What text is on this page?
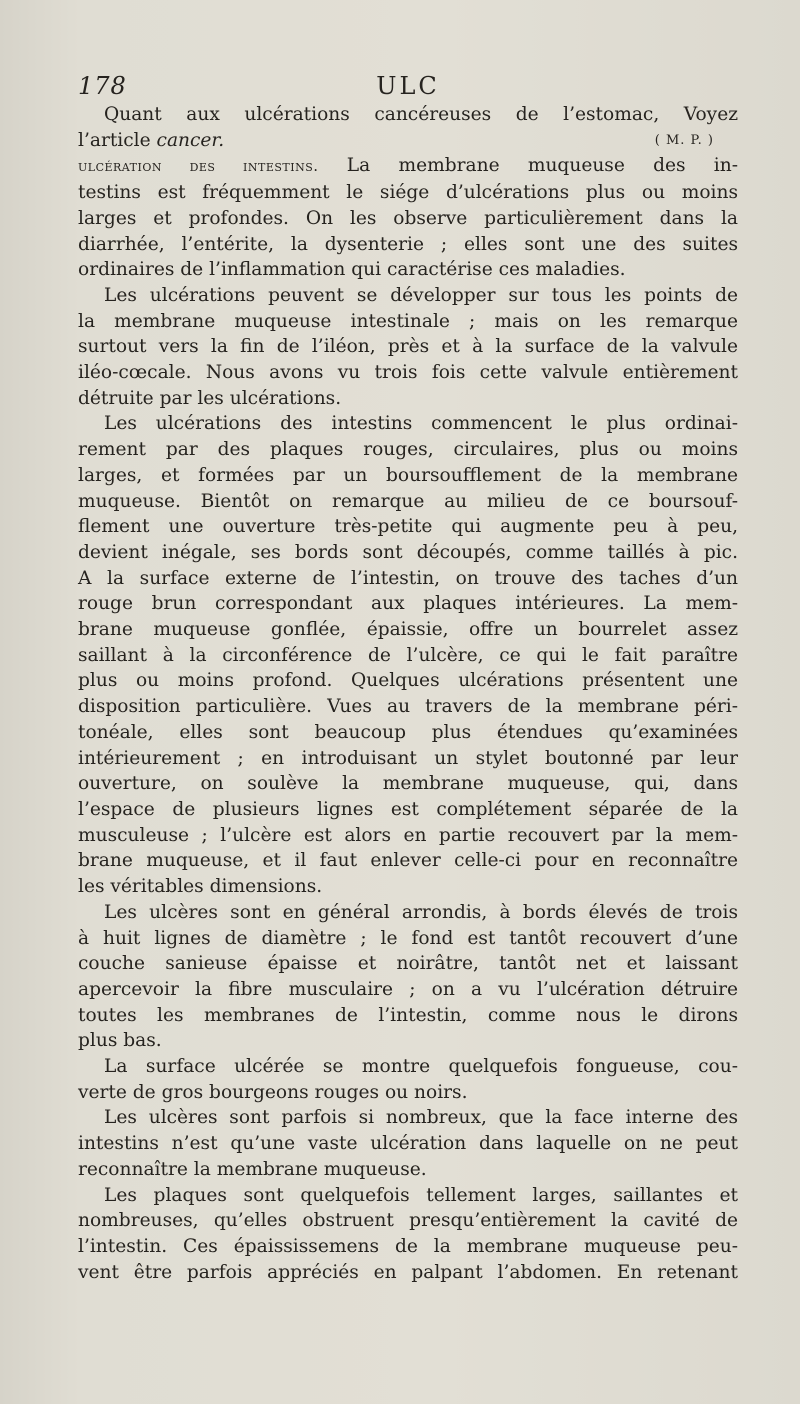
178	ULC

Quant aux ulcérations cancéreuses de l’estomac, Voyez
l’article cancer.	( M. P. )

ulcération des intestins. La membrane muqueuse des in-
testins est fréquemment le siége d’ulcérations plus ou moins
larges et profondes. On les observe particulièrement dans la
diarrhée, l’entérite, la dysenterie ; elles sont une des suites
ordinaires de l’inflammation qui caractérise ces maladies.

Les ulcérations peuvent se développer sur tous les points de
la membrane muqueuse intestinale ; mais on les remarque
surtout vers la fin de l’iléon, près et à la surface de la valvule
iléo-cœcale. Nous avons vu trois fois cette valvule entièrement
détruite par les ulcérations.

Les ulcérations des intestins commencent le plus ordinai-
rement par des plaques rouges, circulaires, plus ou moins
larges, et formées par un boursoufflement de la membrane
muqueuse. Bientôt on remarque au milieu de ce boursouf-
flement une ouverture très-petite qui augmente peu à peu,
devient inégale, ses bords sont découpés, comme taillés à pic.
A la surface externe de l’intestin, on trouve des taches d’un
rouge brun correspondant aux plaques intérieures. La mem-
brane muqueuse gonflée, épaissie, offre un bourrelet assez
saillant à la circonférence de l’ulcère, ce qui le fait paraître
plus ou moins profond. Quelques ulcérations présentent une
disposition particulière. Vues au travers de la membrane péri-
tonéale, elles sont beaucoup plus étendues qu’examinées
intérieurement ; en introduisant un stylet boutonné par leur
ouverture, on soulève la membrane muqueuse, qui, dans
l’espace de plusieurs lignes est complétement séparée de la
musculeuse ; l’ulcère est alors en partie recouvert par la mem-
brane muqueuse, et il faut enlever celle-ci pour en reconnaître
les véritables dimensions.

Les ulcères sont en général arrondis, à bords élevés de trois
à huit lignes de diamètre ; le fond est tantôt recouvert d’une
couche sanieuse épaisse et noirâtre, tantôt net et laissant
apercevoir la fibre musculaire ; on a vu l’ulcération détruire
toutes les membranes de l’intestin, comme nous le dirons
plus bas.

La surface ulcérée se montre quelquefois fongueuse, cou-
verte de gros bourgeons rouges ou noirs.

Les ulcères sont parfois si nombreux, que la face interne des
intestins n’est qu’une vaste ulcération dans laquelle on ne peut
reconnaître la membrane muqueuse.

Les plaques sont quelquefois tellement larges, saillantes et
nombreuses, qu’elles obstruent presqu’entièrement la cavité de
l’intestin. Ces épaississemens de la membrane muqueuse peu-
vent être parfois appréciés en palpant l’abdomen. En retenant
